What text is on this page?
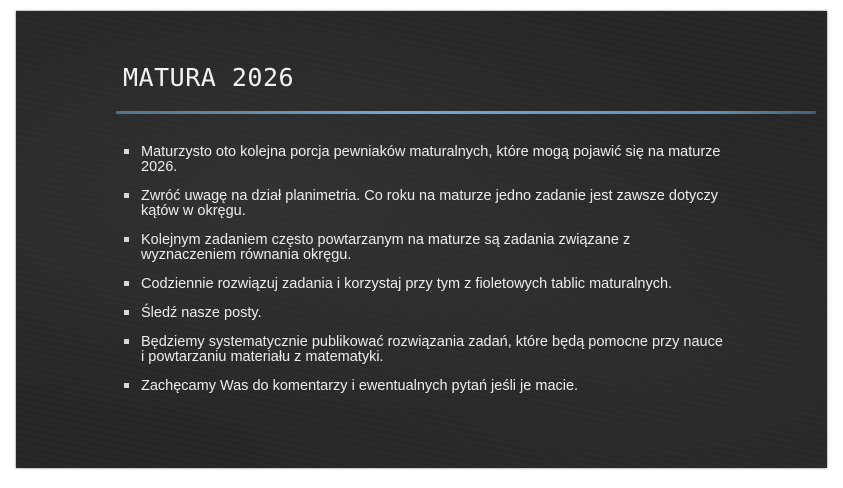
MATURA 2026
Maturzysto oto kolejna porcja pewniaków maturalnych, które mogą pojawić się na maturze 2026.
Zwróć uwagę na dział planimetria. Co roku na maturze jedno zadanie jest zawsze dotyczy kątów w okręgu.
Kolejnym zadaniem często powtarzanym na maturze są zadania związane z wyznaczeniem równania okręgu.
Codziennie rozwiązuj zadania i korzystaj przy tym z fioletowych tablic maturalnych.
Śledź nasze posty.
Będziemy systematycznie publikować rozwiązania zadań, które będą pomocne przy nauce i powtarzaniu materiału z matematyki.
Zachęcamy Was do komentarzy i ewentualnych pytań jeśli je macie.
